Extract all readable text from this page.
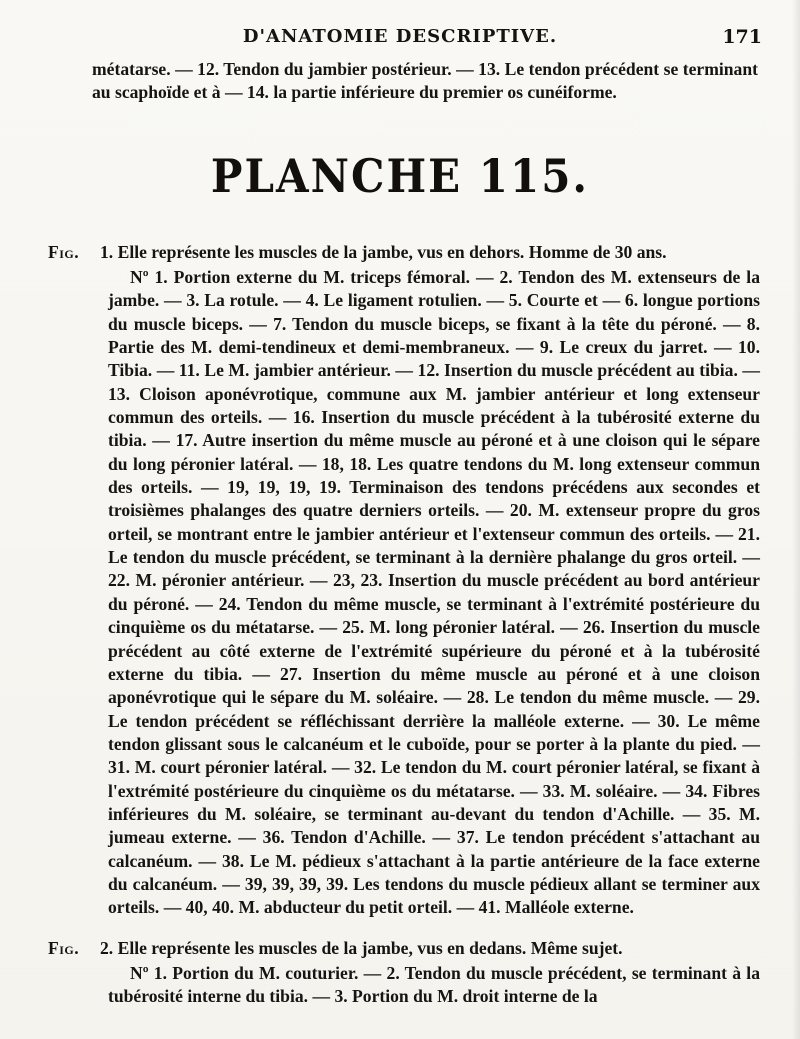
D'ANATOMIE DESCRIPTIVE.	171
métatarse. — 12. Tendon du jambier postérieur. — 13. Le tendon précédent se terminant au scaphoïde et à — 14. la partie inférieure du premier os cunéiforme.
PLANCHE 115.
Fig. 1. Elle représente les muscles de la jambe, vus en dehors. Homme de 30 ans.
Nº 1. Portion externe du M. triceps fémoral. — 2. Tendon des M. extenseurs de la jambe. — 3. La rotule. — 4. Le ligament rotulien. — 5. Courte et — 6. longue portions du muscle biceps. — 7. Tendon du muscle biceps, se fixant à la tête du péroné. — 8. Partie des M. demi-tendineux et demi-membraneux. — 9. Le creux du jarret. — 10. Tibia. — 11. Le M. jambier antérieur. — 12. Insertion du muscle précédent au tibia. — 13. Cloison aponévrotique, commune aux M. jambier antérieur et long extenseur commun des orteils. — 16. Insertion du muscle précédent à la tubérosité externe du tibia. — 17. Autre insertion du même muscle au péroné et à une cloison qui le sépare du long péronier latéral. — 18, 18. Les quatre tendons du M. long extenseur commun des orteils. — 19, 19, 19, 19. Terminaison des tendons précédens aux secondes et troisièmes phalanges des quatre derniers orteils. — 20. M. extenseur propre du gros orteil, se montrant entre le jambier antérieur et l'extenseur commun des orteils. — 21. Le tendon du muscle précédent, se terminant à la dernière phalange du gros orteil. — 22. M. péronier antérieur. — 23, 23. Insertion du muscle précédent au bord antérieur du péroné. — 24. Tendon du même muscle, se terminant à l'extrémité postérieure du cinquième os du métatarse. — 25. M. long péronier latéral. — 26. Insertion du muscle précédent au côté externe de l'extrémité supérieure du péroné et à la tubérosité externe du tibia. — 27. Insertion du même muscle au péroné et à une cloison aponévrotique qui le sépare du M. soléaire. — 28. Le tendon du même muscle. — 29. Le tendon précédent se réfléchissant derrière la malléole externe. — 30. Le même tendon glissant sous le calcanéum et le cuboïde, pour se porter à la plante du pied. — 31. M. court péronier latéral. — 32. Le tendon du M. court péronier latéral, se fixant à l'extrémité postérieure du cinquième os du métatarse. — 33. M. soléaire. — 34. Fibres inférieures du M. soléaire, se terminant au-devant du tendon d'Achille. — 35. M. jumeau externe. — 36. Tendon d'Achille. — 37. Le tendon précédent s'attachant au calcanéum. — 38. Le M. pédieux s'attachant à la partie antérieure de la face externe du calcanéum. — 39, 39, 39, 39. Les tendons du muscle pédieux allant se terminer aux orteils. — 40, 40. M. abducteur du petit orteil. — 41. Malléole externe.
Fig. 2. Elle représente les muscles de la jambe, vus en dedans. Même sujet.
Nº 1. Portion du M. couturier. — 2. Tendon du muscle précédent, se terminant à la tubérosité interne du tibia. — 3. Portion du M. droit interne de la
